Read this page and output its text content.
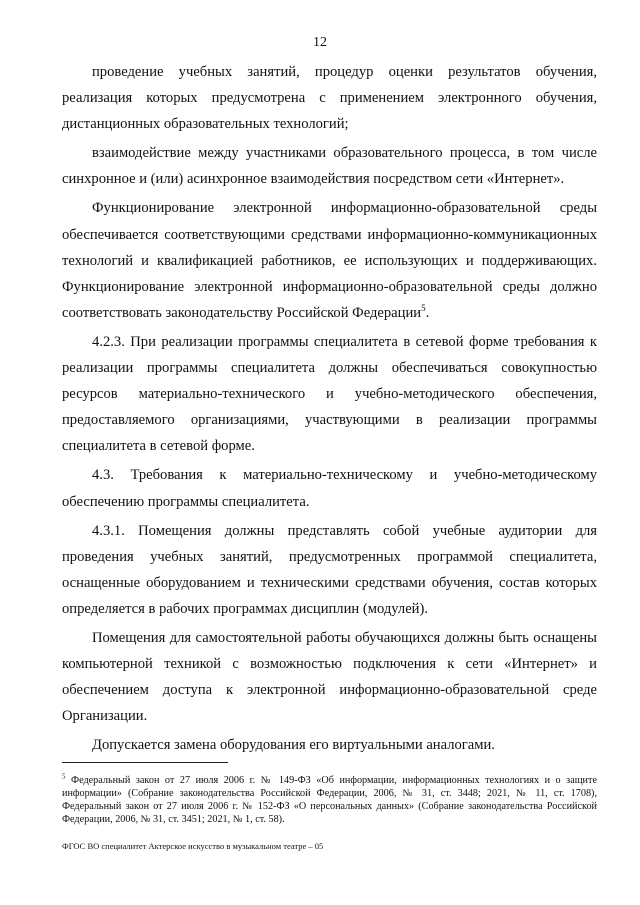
12

проведение учебных занятий, процедур оценки результатов обучения, реализация которых предусмотрена с применением электронного обучения, дистанционных образовательных технологий;

взаимодействие между участниками образовательного процесса, в том числе синхронное и (или) асинхронное взаимодействия посредством сети «Интернет».

Функционирование электронной информационно-образовательной среды обеспечивается соответствующими средствами информационно-коммуникационных технологий и квалификацией работников, ее использующих и поддерживающих. Функционирование электронной информационно-образовательной среды должно соответствовать законодательству Российской Федерации$^5$.

4.2.3. При реализации программы специалитета в сетевой форме требования к реализации программы специалитета должны обеспечиваться совокупностью ресурсов материально-технического и учебно-методического обеспечения, предоставляемого организациями, участвующими в реализации программы специалитета в сетевой форме.

4.3. Требования к материально-техническому и учебно-методическому обеспечению программы специалитета.

4.3.1. Помещения должны представлять собой учебные аудитории для проведения учебных занятий, предусмотренных программой специалитета, оснащенные оборудованием и техническими средствами обучения, состав которых определяется в рабочих программах дисциплин (модулей).

Помещения для самостоятельной работы обучающихся должны быть оснащены компьютерной техникой с возможностью подключения к сети «Интернет» и обеспечением доступа к электронной информационно-образовательной среде Организации.

Допускается замена оборудования его виртуальными аналогами.

$^5$ Федеральный закон от 27 июля 2006 г. № 149-ФЗ «Об информации, информационных технологиях и о защите информации» (Собрание законодательства Российской Федерации, 2006, № 31, ст. 3448; 2021, № 11, ст. 1708), Федеральный закон от 27 июля 2006 г. № 152-ФЗ «О персональных данных» (Собрание законодательства Российской Федерации, 2006, № 31, ст. 3451; 2021, № 1, ст. 58).
ФГОС ВО специалитет Актерское искусство в музыкальном театре – 05
